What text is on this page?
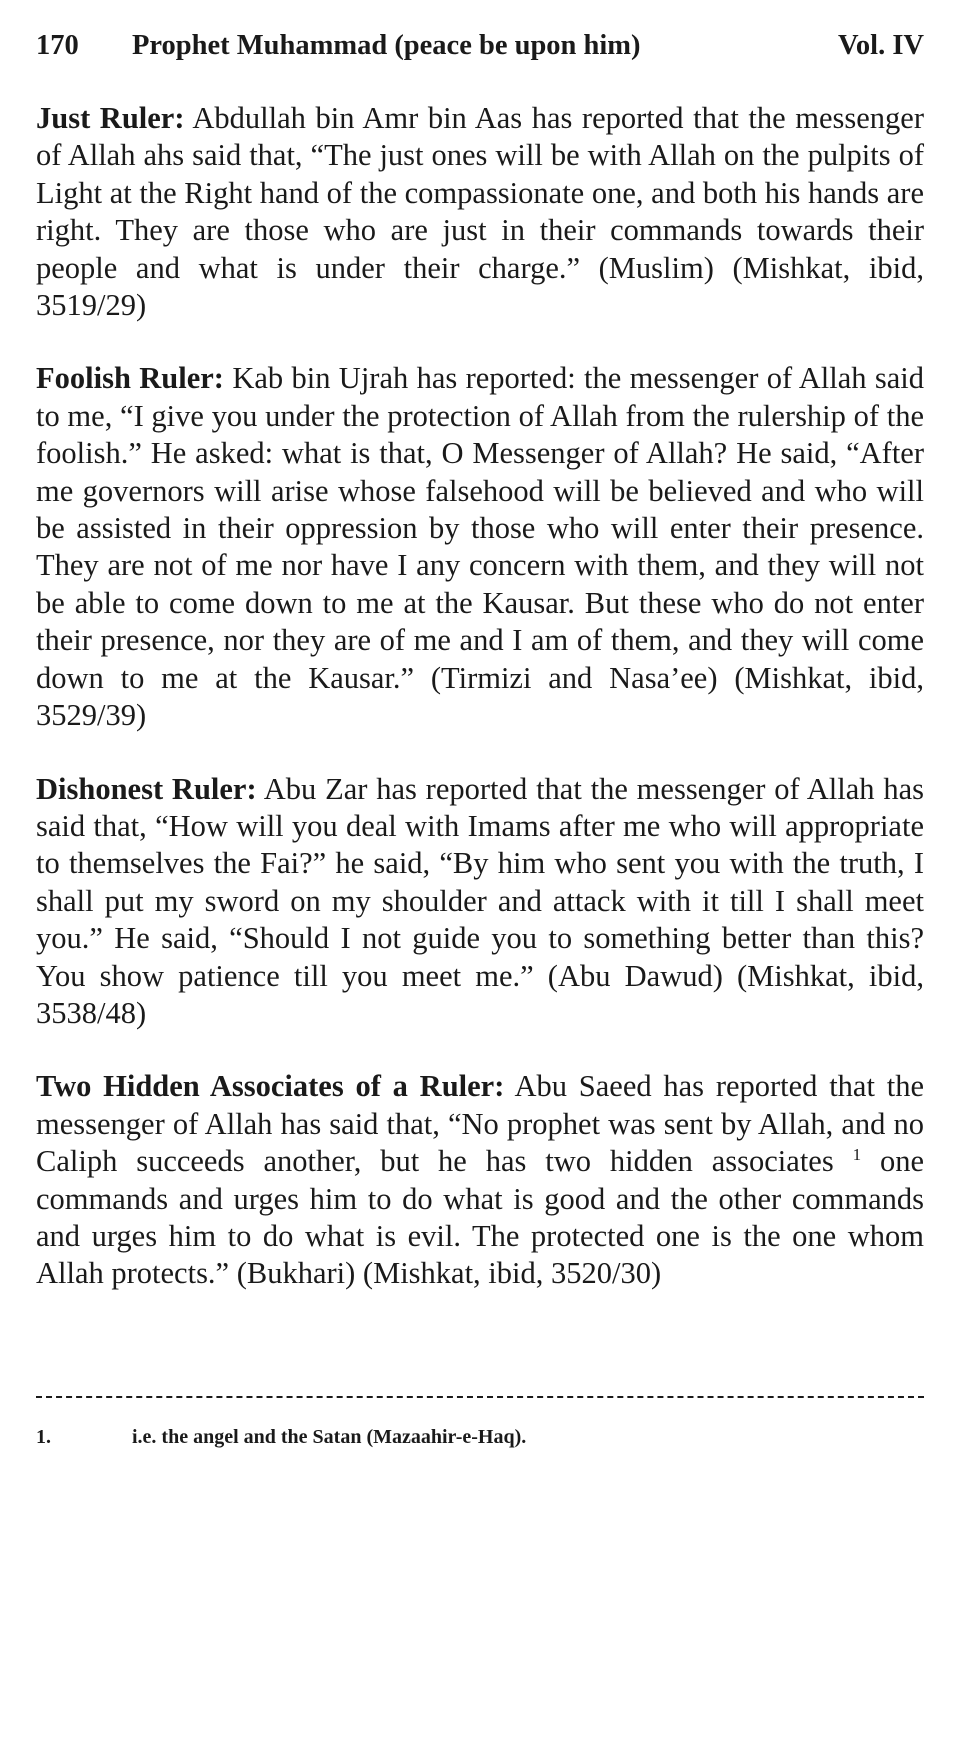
170	Prophet Muhammad (peace be upon him)	Vol. IV

Just Ruler: Abdullah bin Amr bin Aas has reported that the messenger of Allah ahs said that, “The just ones will be with Allah on the pulpits of Light at the Right hand of the compassionate one, and both his hands are right. They are those who are just in their commands towards their people and what is under their charge.” (Muslim) (Mishkat, ibid, 3519/29)

Foolish Ruler: Kab bin Ujrah has reported: the messenger of Allah said to me, “I give you under the protection of Allah from the rulership of the foolish.” He asked: what is that, O Messenger of Allah? He said, “After me governors will arise whose falsehood will be believed and who will be assisted in their oppression by those who will enter their presence. They are not of me nor have I any concern with them, and they will not be able to come down to me at the Kausar. But these who do not enter their presence, nor they are of me and I am of them, and they will come down to me at the Kausar.” (Tirmizi and Nasa’ee) (Mishkat, ibid, 3529/39)

Dishonest Ruler: Abu Zar has reported that the messenger of Allah has said that, “How will you deal with Imams after me who will appropriate to themselves the Fai?” he said, “By him who sent you with the truth, I shall put my sword on my shoulder and attack with it till I shall meet you.” He said, “Should I not guide you to something better than this? You show patience till you meet me.” (Abu Dawud) (Mishkat, ibid, 3538/48)

Two Hidden Associates of a Ruler: Abu Saeed has reported that the messenger of Allah has said that, “No prophet was sent by Allah, and no Caliph succeeds another, but he has two hidden associates $^1$ one commands and urges him to do what is good and the other commands and urges him to do what is evil. The protected one is the one whom Allah protects.” (Bukhari) (Mishkat, ibid, 3520/30)

1.	i.e. the angel and the Satan (Mazaahir-e-Haq).
